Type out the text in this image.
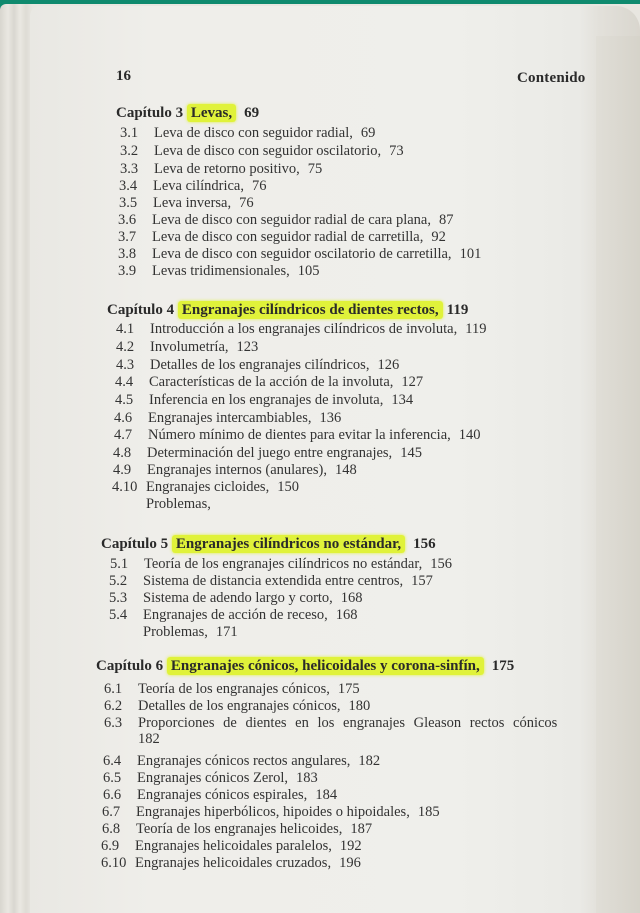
16	Contenido
Capítulo 3 Levas, 69
3.1 Leva de disco con seguidor radial, 69
3.2 Leva de disco con seguidor oscilatorio, 73
3.3 Leva de retorno positivo, 75
3.4 Leva cilíndrica, 76
3.5 Leva inversa, 76
3.6 Leva de disco con seguidor radial de cara plana, 87
3.7 Leva de disco con seguidor radial de carretilla, 92
3.8 Leva de disco con seguidor oscilatorio de carretilla, 101
3.9 Levas tridimensionales, 105
Capítulo 4 Engranajes cilíndricos de dientes rectos, 119
4.1 Introducción a los engranajes cilíndricos de involuta, 119
4.2 Involumetría, 123
4.3 Detalles de los engranajes cilíndricos, 126
4.4 Características de la acción de la involuta, 127
4.5 Inferencia en los engranajes de involuta, 134
4.6 Engranajes intercambiables, 136
4.7 Número mínimo de dientes para evitar la inferencia, 140
4.8 Determinación del juego entre engranajes, 145
4.9 Engranajes internos (anulares), 148
4.10 Engranajes cicloides, 150
Problemas,
Capítulo 5 Engranajes cilíndricos no estándar, 156
5.1 Teoría de los engranajes cilíndricos no estándar, 156
5.2 Sistema de distancia extendida entre centros, 157
5.3 Sistema de adendo largo y corto, 168
5.4 Engranajes de acción de receso, 168
Problemas, 171
Capítulo 6 Engranajes cónicos, helicoidales y corona-sinfín, 175
6.1 Teoría de los engranajes cónicos, 175
6.2 Detalles de los engranajes cónicos, 180
6.3 Proporciones de dientes en los engranajes Gleason rectos cónicos
182
6.4 Engranajes cónicos rectos angulares, 182
6.5 Engranajes cónicos Zerol, 183
6.6 Engranajes cónicos espirales, 184
6.7 Engranajes hiperbólicos, hipoides o hipoidales, 185
6.8 Teoría de los engranajes helicoides, 187
6.9 Engranajes helicoidales paralelos, 192
6.10 Engranajes helicoidales cruzados, 196
